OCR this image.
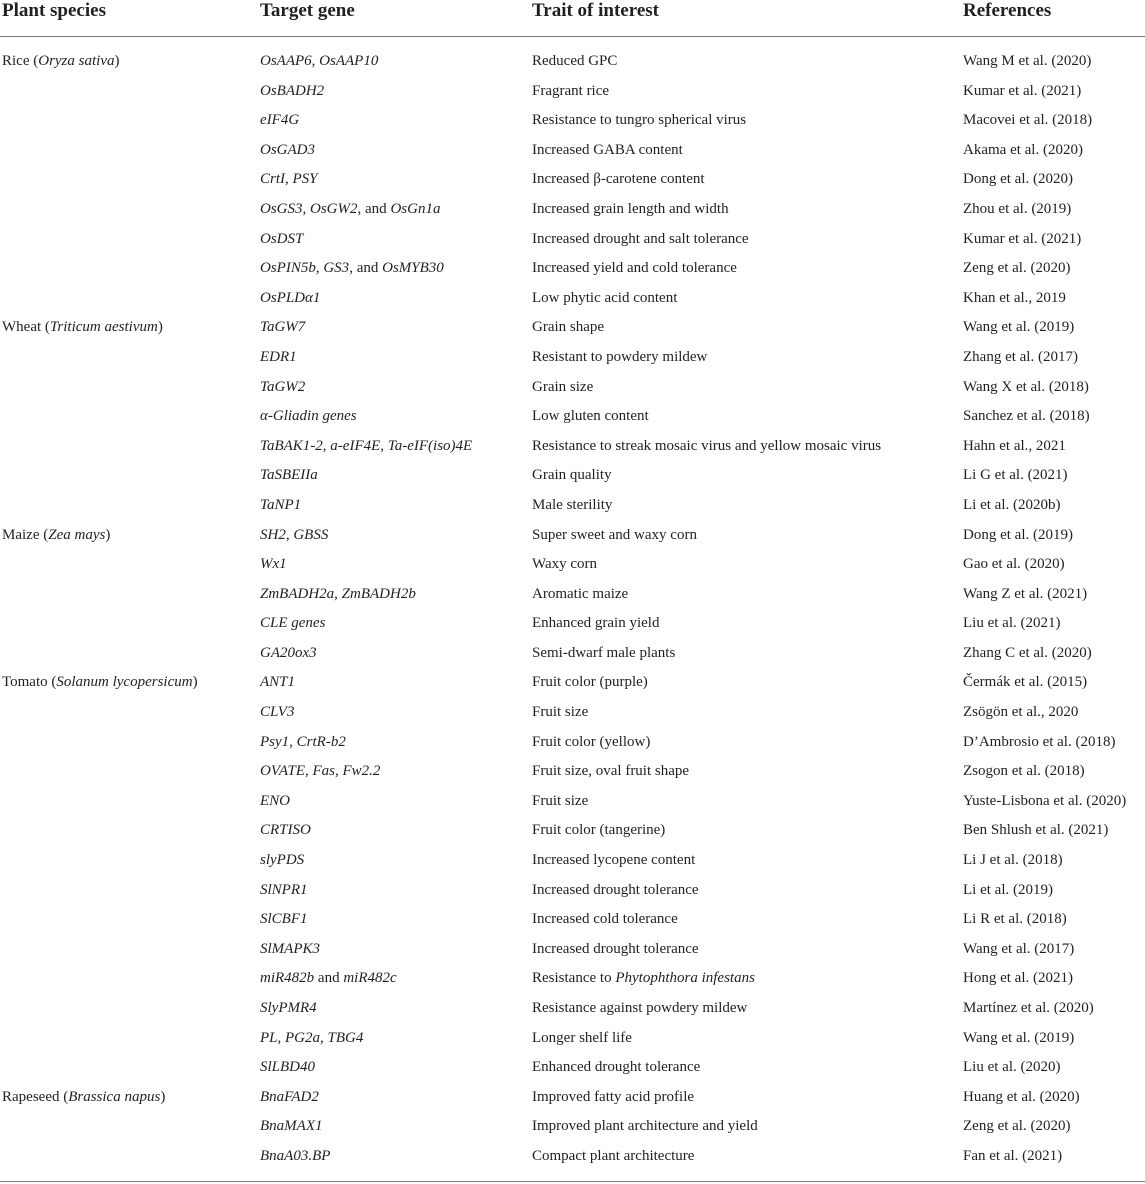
Plant species	Target gene	Trait of interest	References
Rice (Oryza sativa)	OsAAP6, OsAAP10	Reduced GPC	Wang M et al. (2020)
	OsBADH2	Fragrant rice	Kumar et al. (2021)
	eIF4G	Resistance to tungro spherical virus	Macovei et al. (2018)
	OsGAD3	Increased GABA content	Akama et al. (2020)
	CrtI, PSY	Increased β-carotene content	Dong et al. (2020)
	OsGS3, OsGW2, and OsGn1a	Increased grain length and width	Zhou et al. (2019)
	OsDST	Increased drought and salt tolerance	Kumar et al. (2021)
	OsPIN5b, GS3, and OsMYB30	Increased yield and cold tolerance	Zeng et al. (2020)
	OsPLDα1	Low phytic acid content	Khan et al., 2019
Wheat (Triticum aestivum)	TaGW7	Grain shape	Wang et al. (2019)
	EDR1	Resistant to powdery mildew	Zhang et al. (2017)
	TaGW2	Grain size	Wang X et al. (2018)
	α-Gliadin genes	Low gluten content	Sanchez et al. (2018)
	TaBAK1-2, a-eIF4E, Ta-eIF(iso)4E	Resistance to streak mosaic virus and yellow mosaic virus	Hahn et al., 2021
	TaSBEIIa	Grain quality	Li G et al. (2021)
	TaNP1	Male sterility	Li et al. (2020b)
Maize (Zea mays)	SH2, GBSS	Super sweet and waxy corn	Dong et al. (2019)
	Wx1	Waxy corn	Gao et al. (2020)
	ZmBADH2a, ZmBADH2b	Aromatic maize	Wang Z et al. (2021)
	CLE genes	Enhanced grain yield	Liu et al. (2021)
	GA20ox3	Semi-dwarf male plants	Zhang C et al. (2020)
Tomato (Solanum lycopersicum)	ANT1	Fruit color (purple)	Čermák et al. (2015)
	CLV3	Fruit size	Zsögön et al., 2020
	Psy1, CrtR-b2	Fruit color (yellow)	D’Ambrosio et al. (2018)
	OVATE, Fas, Fw2.2	Fruit size, oval fruit shape	Zsogon et al. (2018)
	ENO	Fruit size	Yuste-Lisbona et al. (2020)
	CRTISO	Fruit color (tangerine)	Ben Shlush et al. (2021)
	slyPDS	Increased lycopene content	Li J et al. (2018)
	SlNPR1	Increased drought tolerance	Li et al. (2019)
	SlCBF1	Increased cold tolerance	Li R et al. (2018)
	SlMAPK3	Increased drought tolerance	Wang et al. (2017)
	miR482b and miR482c	Resistance to Phytophthora infestans	Hong et al. (2021)
	SlyPMR4	Resistance against powdery mildew	Martínez et al. (2020)
	PL, PG2a, TBG4	Longer shelf life	Wang et al. (2019)
	SlLBD40	Enhanced drought tolerance	Liu et al. (2020)
Rapeseed (Brassica napus)	BnaFAD2	Improved fatty acid profile	Huang et al. (2020)
	BnaMAX1	Improved plant architecture and yield	Zeng et al. (2020)
	BnaA03.BP	Compact plant architecture	Fan et al. (2021)
